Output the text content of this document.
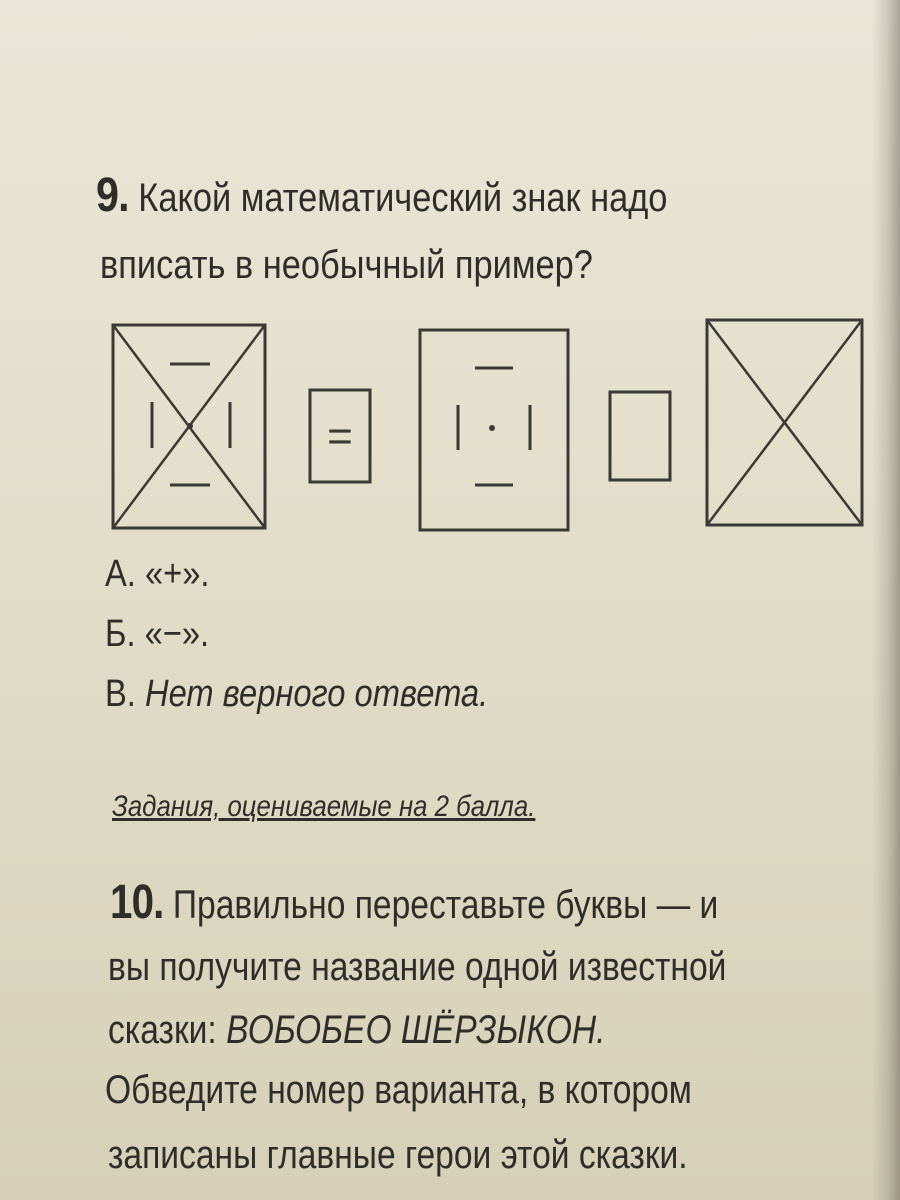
9. Какой математический знак надо
вписать в необычный пример?
=
А. «+».
Б. «−».
В. Нет верного ответа.
Задания, оцениваемые на 2 балла.
10. Правильно переставьте буквы — и
вы получите название одной известной
сказки: ВОБОБЕО ШЁРЗЫКОН.
Обведите номер варианта, в котором
записаны главные герои этой сказки.
